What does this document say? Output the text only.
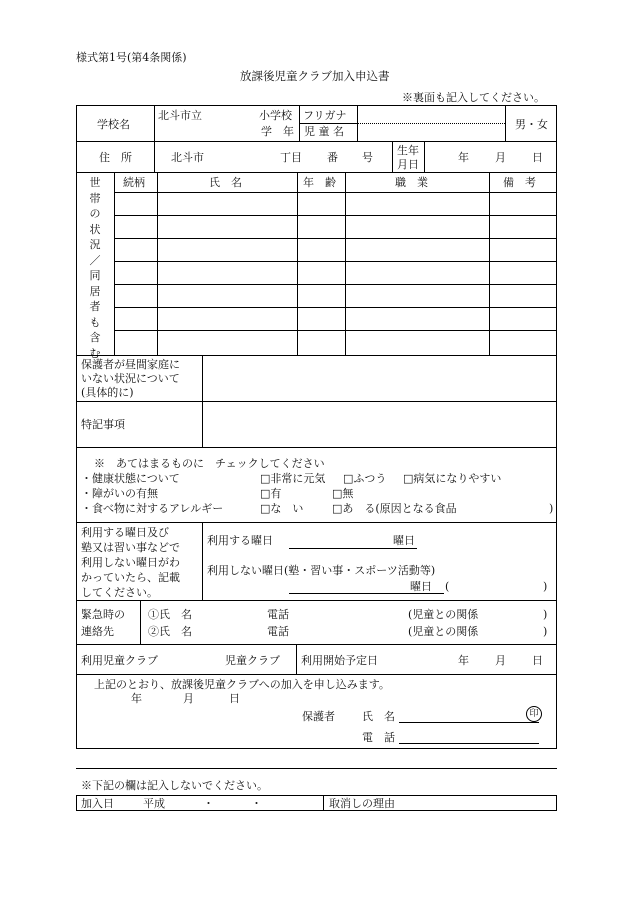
様式第1号(第4条関係)
放課後児童クラブ加入申込書
※裏面も記入してください。
学校名
北斗市立	小学校
学　年
フリガナ
児 童 名
男・女
住　所	北斗市	丁目 番 号
生年
月日
年 月 日
世
帯
の
状
況
／
同
居
者
も
含
む
続柄	氏　名	年　齢	職　業	備　考
保護者が昼間家庭に
いない状況について
(具体的に)
特記事項
※　あてはまるものに　チェックしてください
・健康状態について	□非常に元気 □ふつう □病気になりやすい
・障がいの有無	□有	□無
・食べ物に対するアレルギー	□な　い	□あ　る(原因となる食品	)
利用する曜日及び
塾又は習い事などで
利用しない曜日がわ
かっていたら、記載
してください。
利用する曜日	曜日
利用しない曜日(塾・習い事・スポーツ活動等)
曜日 (	)
緊急時の
連絡先
①氏　名	電話	(児童との関係	)
②氏　名	電話	(児童との関係	)
利用児童クラブ	児童クラブ 利用開始予定日	年 月 日
上記のとおり、放課後児童クラブへの加入を申し込みます。
年	月	日
保護者 氏　名	印
電　話
※下記の欄は記入しないでください。
加入日	平成	・	・	取消しの理由
